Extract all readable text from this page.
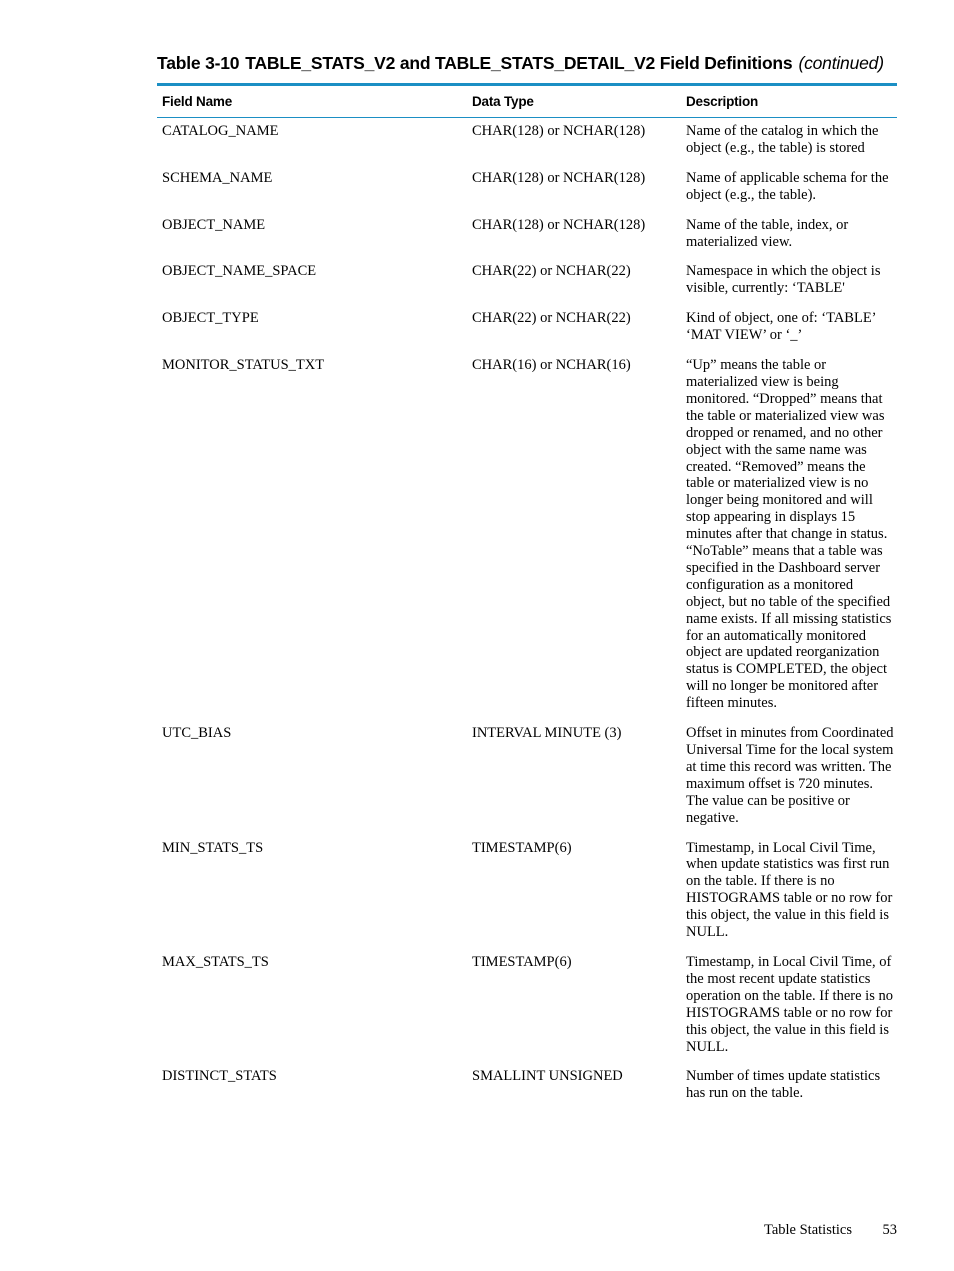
Table 3-10 TABLE_STATS_V2 and TABLE_STATS_DETAIL_V2 Field Definitions (continued)
Field Name	Data Type	Description
CATALOG_NAME	CHAR(128) or NCHAR(128)	Name of the catalog in which the object (e.g., the table) is stored
SCHEMA_NAME	CHAR(128) or NCHAR(128)	Name of applicable schema for the object (e.g., the table).
OBJECT_NAME	CHAR(128) or NCHAR(128)	Name of the table, index, or materialized view.
OBJECT_NAME_SPACE	CHAR(22) or NCHAR(22)	Namespace in which the object is visible, currently: ‘TABLE'
OBJECT_TYPE	CHAR(22) or NCHAR(22)	Kind of object, one of: ‘TABLE’ ‘MAT VIEW’ or ‘_’
MONITOR_STATUS_TXT	CHAR(16) or NCHAR(16)	“Up” means the table or materialized view is being monitored. “Dropped” means that the table or materialized view was dropped or renamed, and no other object with the same name was created. “Removed” means the table or materialized view is no longer being monitored and will stop appearing in displays 15 minutes after that change in status. “NoTable” means that a table was specified in the Dashboard server configuration as a monitored object, but no table of the specified name exists. If all missing statistics for an automatically monitored object are updated reorganization status is COMPLETED, the object will no longer be monitored after fifteen minutes.
UTC_BIAS	INTERVAL MINUTE (3)	Offset in minutes from Coordinated Universal Time for the local system at time this record was written. The maximum offset is 720 minutes. The value can be positive or negative.
MIN_STATS_TS	TIMESTAMP(6)	Timestamp, in Local Civil Time, when update statistics was first run on the table. If there is no HISTOGRAMS table or no row for this object, the value in this field is NULL.
MAX_STATS_TS	TIMESTAMP(6)	Timestamp, in Local Civil Time, of the most recent update statistics operation on the table. If there is no HISTOGRAMS table or no row for this object, the value in this field is NULL.
DISTINCT_STATS	SMALLINT UNSIGNED	Number of times update statistics has run on the table.
Table Statistics 53
